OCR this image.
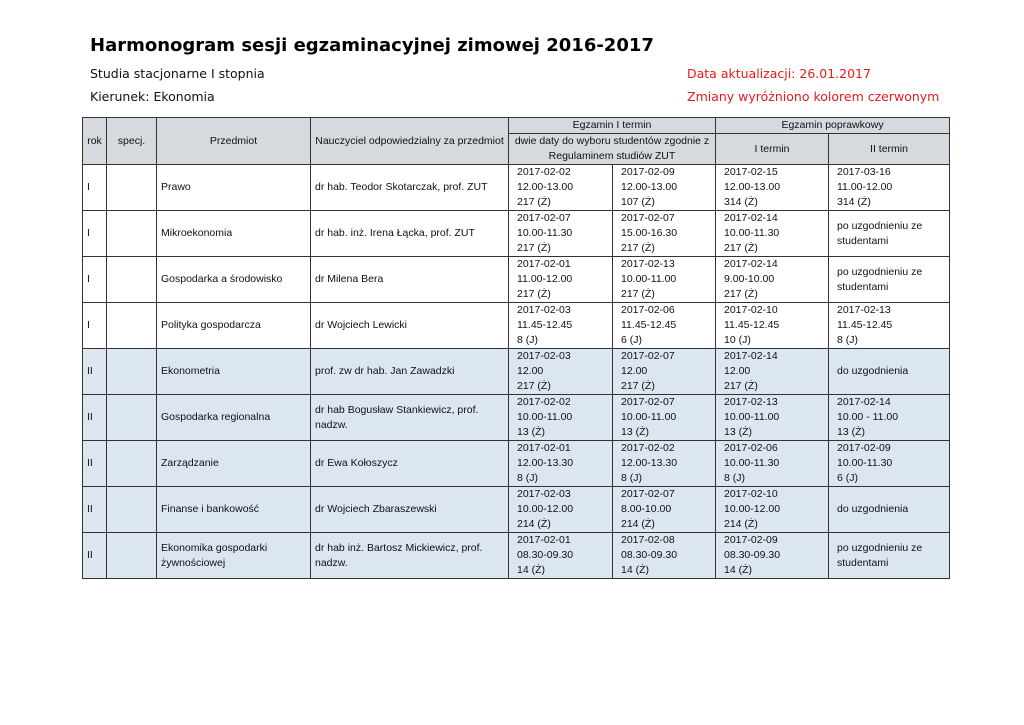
Harmonogram sesji egzaminacyjnej zimowej 2016-2017
Studia stacjonarne I stopnia
Kierunek: Ekonomia
Data aktualizacji: 26.01.2017
Zmiany wyróżniono kolorem czerwonym
rok	specj.	Przedmiot	Nauczyciel odpowiedzialny za przedmiot	Egzamin I termin		Egzamin poprawkowy	
				dwie daty do wyboru studentów zgodnie z Regulaminem studiów ZUT		I termin	II termin

I		Prawo	dr hab. Teodor Skotarczak, prof. ZUT	2017-02-02
12.00-13.00
217 (Ż)	2017-02-09
12.00-13.00
107 (Ż)	2017-02-15
12.00-13.00
314 (Ż)	2017-03-16
11.00-12.00
314 (Ż)

I		Mikroekonomia	dr hab. inż. Irena Łącka, prof. ZUT	2017-02-07
10.00-11.30
217 (Ż)	2017-02-07
15.00-16.30
217 (Ż)	2017-02-14
10.00-11.30
217 (Ż)	po uzgodnieniu ze studentami

I		Gospodarka a środowisko	dr Milena Bera	2017-02-01
11.00-12.00
217 (Ż)	2017-02-13
10.00-11.00
217 (Ż)	2017-02-14
9.00-10.00
217 (Ż)	po uzgodnieniu ze studentami

I		Polityka gospodarcza	dr Wojciech Lewicki	2017-02-03
11.45-12.45
8 (J)	2017-02-06
11.45-12.45
6 (J)	2017-02-10
11.45-12.45
10 (J)	2017-02-13
11.45-12.45
8 (J)

II		Ekonometria	prof. zw dr hab. Jan Zawadzki	2017-02-03
12.00
217 (Ż)	2017-02-07
12.00
217 (Ż)	2017-02-14
12.00
217 (Ż)	do uzgodnienia

II		Gospodarka regionalna	dr hab Bogusław Stankiewicz, prof. nadzw.	2017-02-02
10.00-11.00
13 (Ż)	2017-02-07
10.00-11.00
13 (Ż)	2017-02-13
10.00-11.00
13 (Ż)	2017-02-14
10.00 - 11.00
13 (Ż)

II		Zarządzanie	dr Ewa Kołoszycz	2017-02-01
12.00-13.30
8 (J)	2017-02-02
12.00-13.30
8 (J)	2017-02-06
10.00-11.30
8 (J)	2017-02-09
10.00-11.30
6 (J)

II		Finanse i bankowość	dr Wojciech Zbaraszewski	2017-02-03
10.00-12.00
214 (Ż)	2017-02-07
8.00-10.00
214 (Ż)	2017-02-10
10.00-12.00
214 (Ż)	do uzgodnienia

II		Ekonomika gospodarki żywnościowej	dr hab inż. Bartosz Mickiewicz, prof. nadzw.	2017-02-01
08.30-09.30
14 (Ż)	2017-02-08
08.30-09.30
14 (Ż)	2017-02-09
08.30-09.30
14 (Ż)	po uzgodnieniu ze studentami
